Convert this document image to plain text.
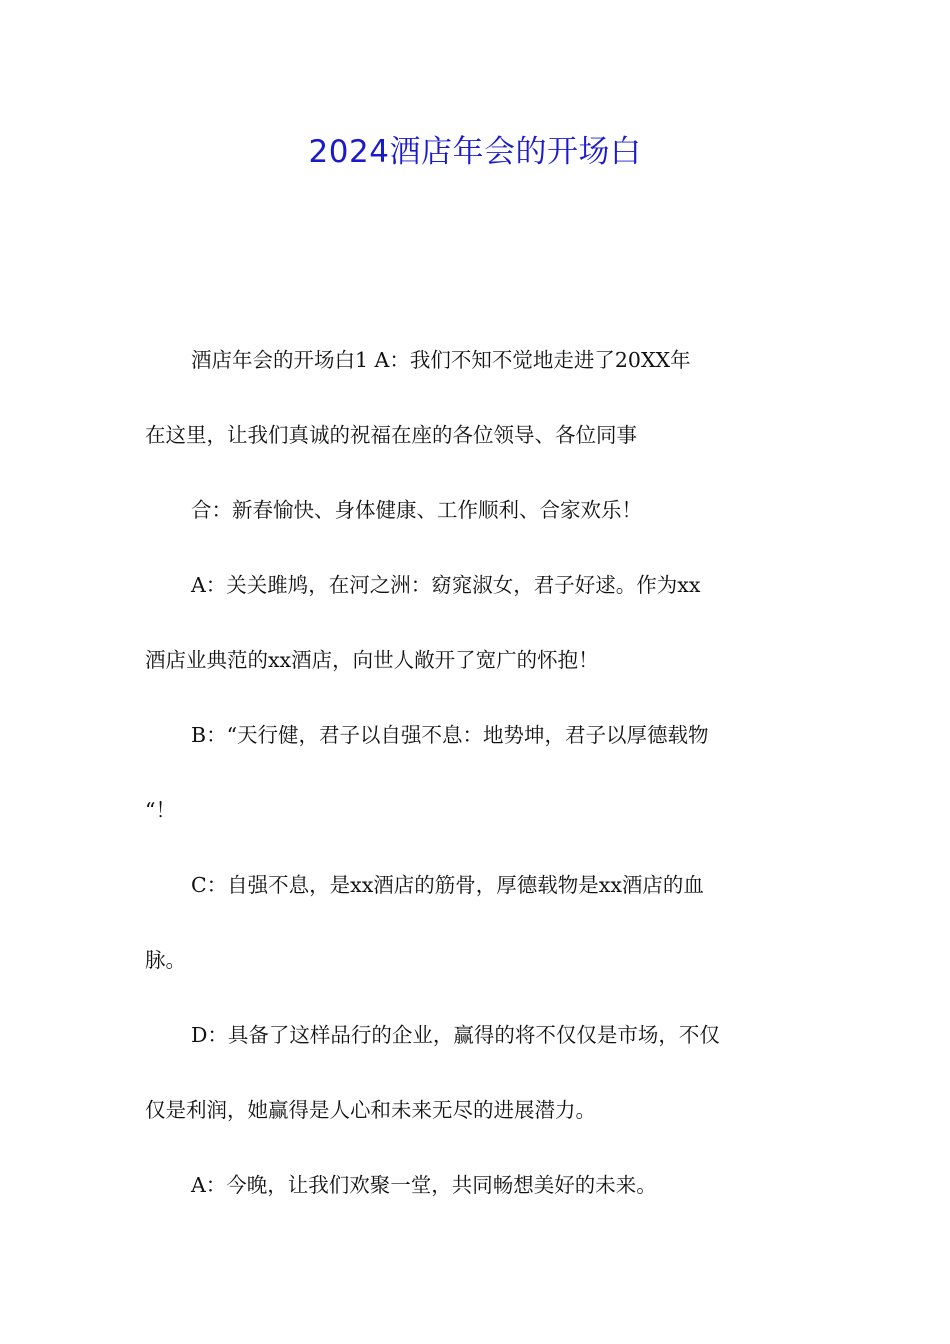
2024酒店年会的开场白
酒店年会的开场白1 A：我们不知不觉地走进了20XX年
在这里，让我们真诚的祝福在座的各位领导、各位同事
合：新春愉快、身体健康、工作顺利、合家欢乐！
A：关关雎鸠，在河之洲：窈窕淑女，君子好逑。作为xx
酒店业典范的xx酒店，向世人敞开了宽广的怀抱！
B：“天行健，君子以自强不息：地势坤，君子以厚德载物
“！
C：自强不息，是xx酒店的筋骨，厚德载物是xx酒店的血
脉。
D：具备了这样品行的企业，赢得的将不仅仅是市场，不仅
仅是利润，她赢得是人心和未来无尽的进展潜力。
A：今晚，让我们欢聚一堂，共同畅想美好的未来。
